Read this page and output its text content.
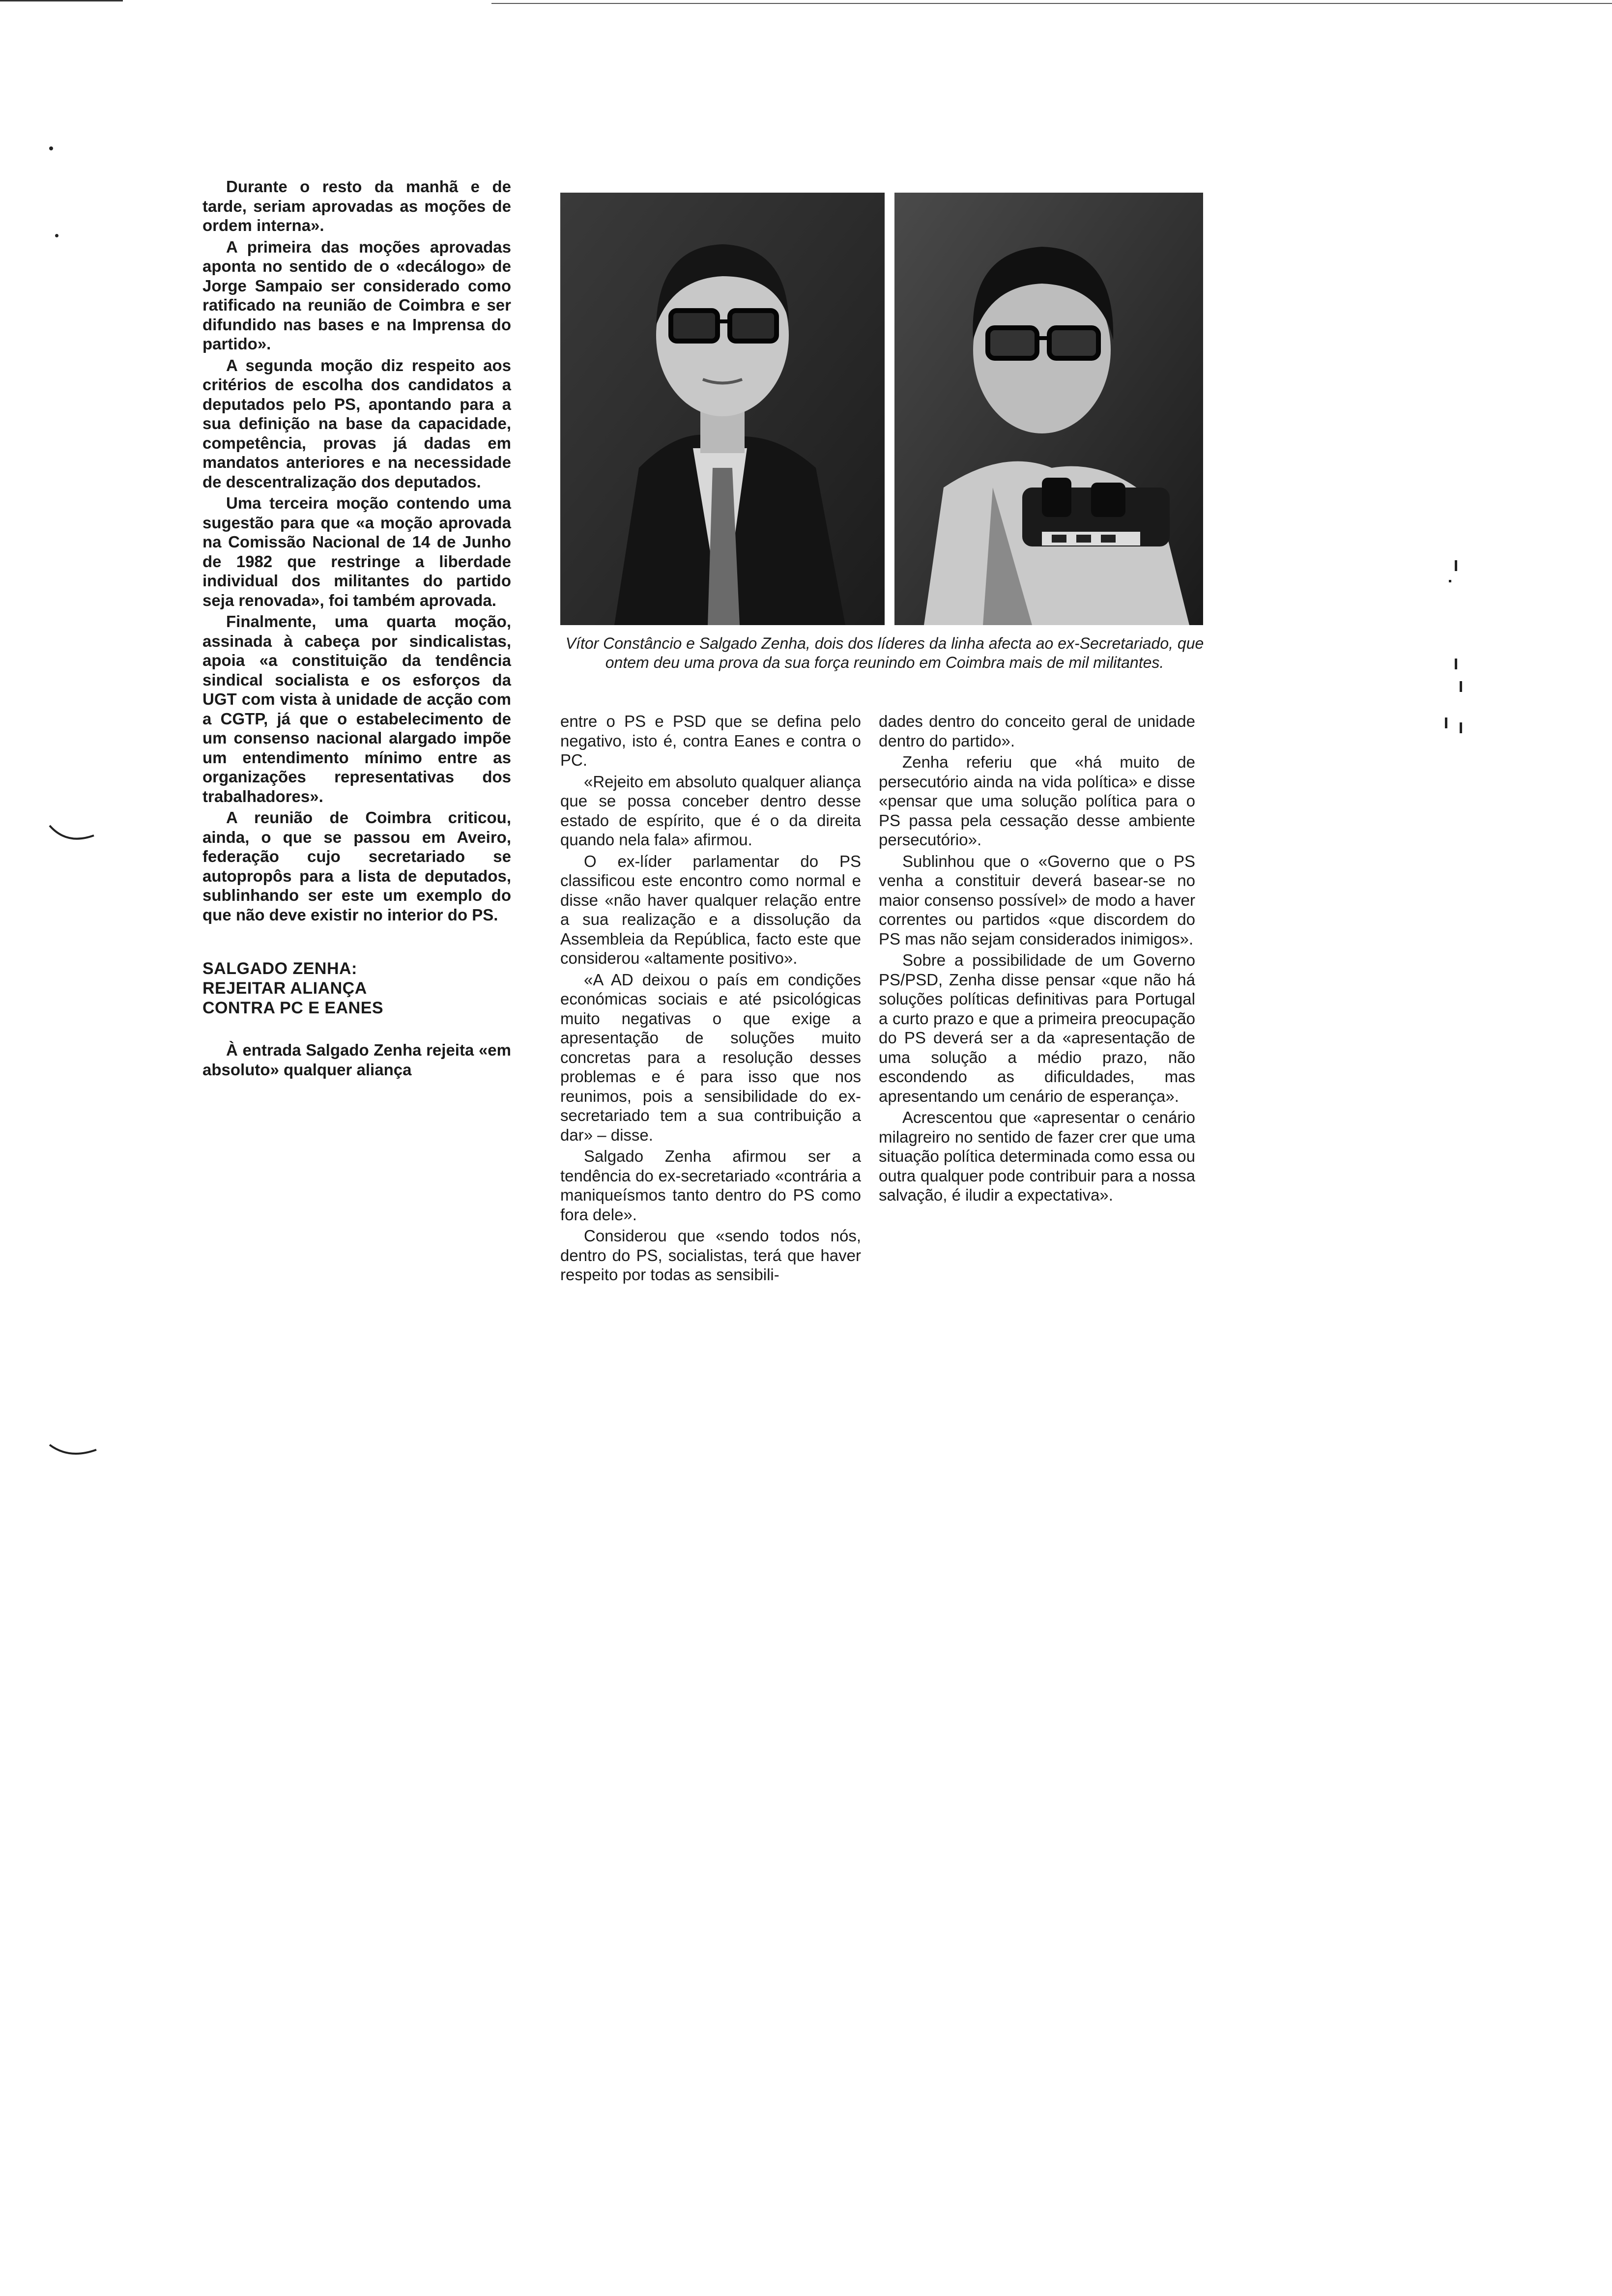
Durante o resto da manhã e de tarde, seriam aprovadas as moções de ordem interna».

A primeira das moções aprovadas aponta no sentido de o «decálogo» de Jorge Sampaio ser considerado como ratificado na reunião de Coimbra e ser difundido nas bases e na Imprensa do partido».

A segunda moção diz respeito aos critérios de escolha dos candidatos a deputados pelo PS, apontando para a sua definição na base da capacidade, competência, provas já dadas em mandatos anteriores e na necessidade de descentralização dos deputados.

Uma terceira moção contendo uma sugestão para que «a moção aprovada na Comissão Nacional de 14 de Junho de 1982 que restringe a liberdade individual dos militantes do partido seja renovada», foi também aprovada.

Finalmente, uma quarta moção, assinada à cabeça por sindicalistas, apoia «a constituição da tendência sindical socialista e os esforços da UGT com vista à unidade de acção com a CGTP, já que o estabelecimento de um consenso nacional alargado impõe um entendimento mínimo entre as organizações representativas dos trabalhadores».

A reunião de Coimbra criticou, ainda, o que se passou em Aveiro, federação cujo secretariado se autopropôs para a lista de deputados, sublinhando ser este um exemplo do que não deve existir no interior do PS.

SALGADO ZENHA:
REJEITAR ALIANÇA
CONTRA PC E EANES

À entrada Salgado Zenha rejeita «em absoluto» qualquer aliança

Vítor Constâncio e Salgado Zenha, dois dos líderes da linha afecta ao ex-Secretariado, que ontem deu uma prova da sua força reunindo em Coimbra mais de mil militantes.

entre o PS e PSD que se defina pelo negativo, isto é, contra Eanes e contra o PC.

«Rejeito em absoluto qualquer aliança que se possa conceber dentro desse estado de espírito, que é o da direita quando nela fala» afirmou.

O ex-líder parlamentar do PS classificou este encontro como normal e disse «não haver qualquer relação entre a sua realização e a dissolução da Assembleia da República, facto este que considerou «altamente positivo».

«A AD deixou o país em condições económicas sociais e até psicológicas muito negativas o que exige a apresentação de soluções muito concretas para a resolução desses problemas e é para isso que nos reunimos, pois a sensibilidade do ex-secretariado tem a sua contribuição a dar» – disse.

Salgado Zenha afirmou ser a tendência do ex-secretariado «contrária a maniqueísmos tanto dentro do PS como fora dele».

Considerou que «sendo todos nós, dentro do PS, socialistas, terá que haver respeito por todas as sensibili-

dades dentro do conceito geral de unidade dentro do partido».

Zenha referiu que «há muito de persecutório ainda na vida política» e disse «pensar que uma solução política para o PS passa pela cessação desse ambiente persecutório».

Sublinhou que o «Governo que o PS venha a constituir deverá basear-se no maior consenso possível» de modo a haver correntes ou partidos «que discordem do PS mas não sejam considerados inimigos».

Sobre a possibilidade de um Governo PS/PSD, Zenha disse pensar «que não há soluções políticas definitivas para Portugal a curto prazo e que a primeira preocupação do PS deverá ser a da «apresentação de uma solução a médio prazo, não escondendo as dificuldades, mas apresentando um cenário de esperança».

Acrescentou que «apresentar o cenário milagreiro no sentido de fazer crer que uma situação política determinada como essa ou outra qualquer pode contribuir para a nossa salvação, é iludir a expectativa».
